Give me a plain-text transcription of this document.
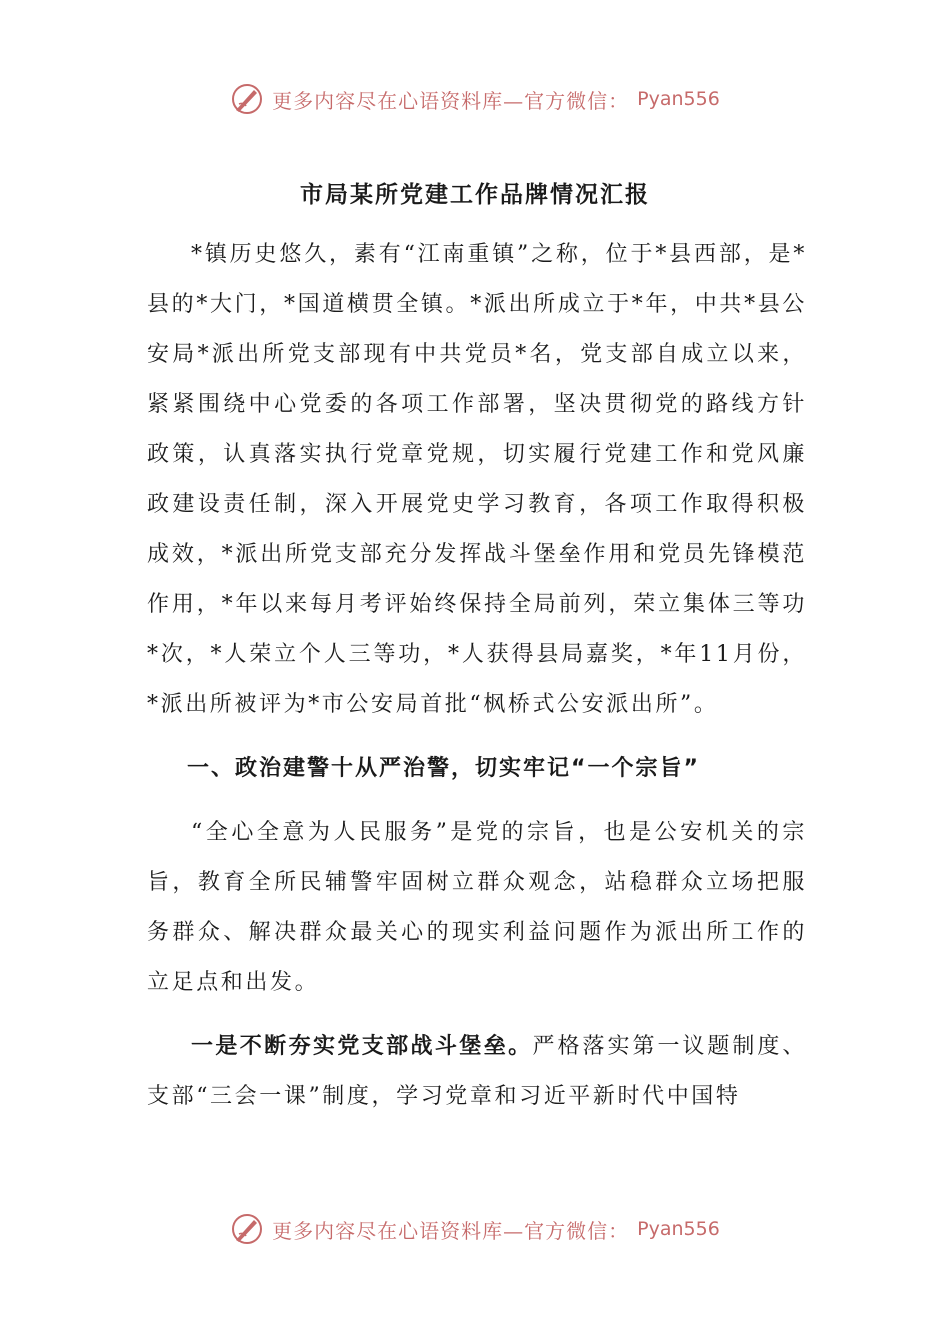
更多内容尽在心语资料库—官方微信： Pyan556
市局某所党建工作品牌情况汇报

*镇历史悠久，素有“江南重镇”之称，位于*县西部，是*县的*大门，*国道横贯全镇。*派出所成立于*年，中共*县公安局*派出所党支部现有中共党员*名，党支部自成立以来，紧紧围绕中心党委的各项工作部署，坚决贯彻党的路线方针政策，认真落实执行党章党规，切实履行党建工作和党风廉政建设责任制，深入开展党史学习教育，各项工作取得积极成效，*派出所党支部充分发挥战斗堡垒作用和党员先锋模范作用，*年以来每月考评始终保持全局前列，荣立集体三等功*次，*人荣立个人三等功，*人获得县局嘉奖，*年11月份，*派出所被评为*市公安局首批“枫桥式公安派出所”。

一、政治建警十从严治警，切实牢记“一个宗旨”

“全心全意为人民服务”是党的宗旨，也是公安机关的宗旨，教育全所民辅警牢固树立群众观念，站稳群众立场把服务群众、解决群众最关心的现实利益问题作为派出所工作的立足点和出发。

一是不断夯实党支部战斗堡垒。严格落实第一议题制度、支部“三会一课”制度，学习党章和习近平新时代中国特

更多内容尽在心语资料库—官方微信： Pyan556
